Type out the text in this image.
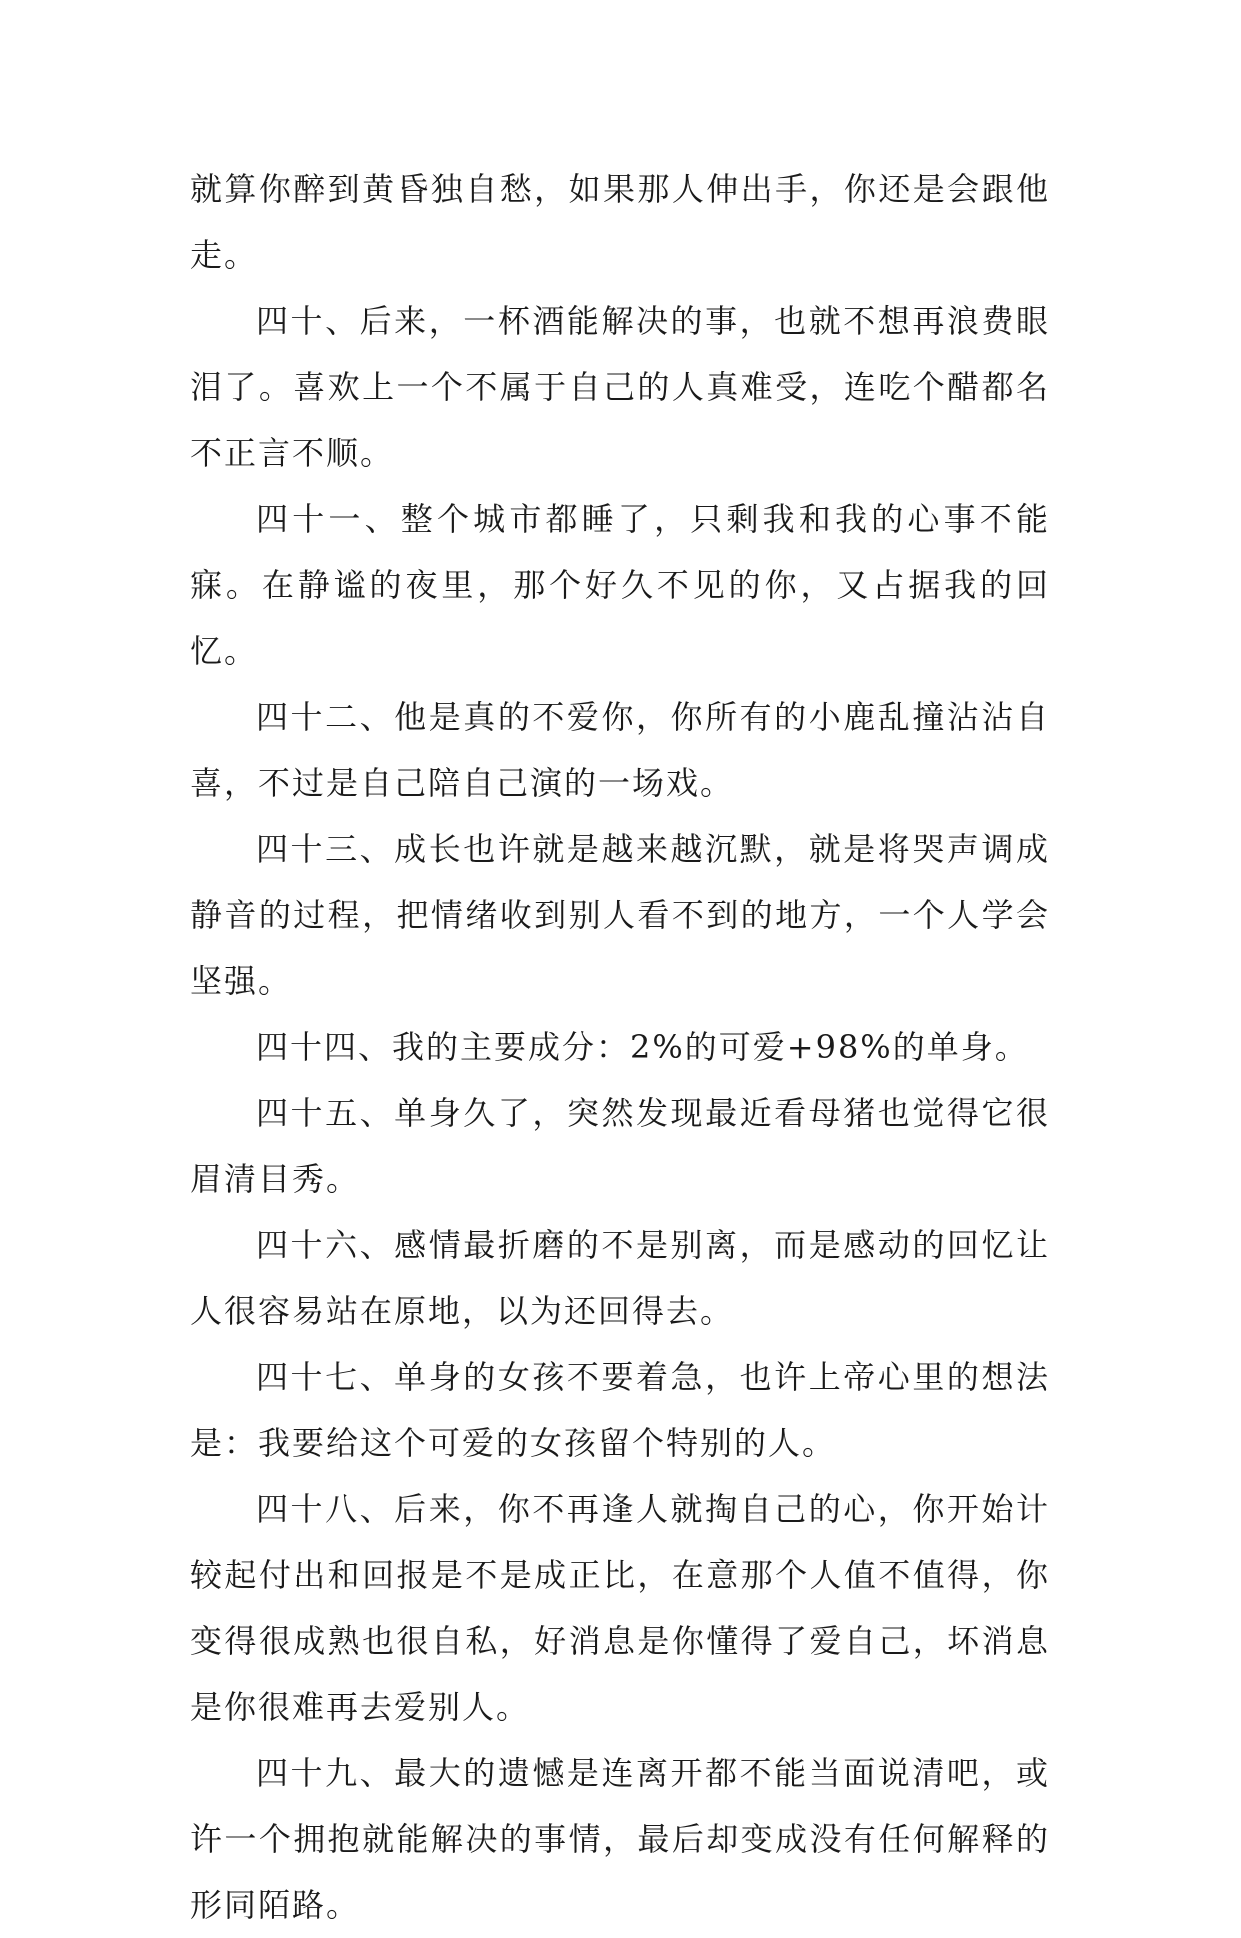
就算你醉到黄昏独自愁，如果那人伸出手，你还是会跟他走。

四十、后来，一杯酒能解决的事，也就不想再浪费眼泪了。喜欢上一个不属于自己的人真难受，连吃个醋都名不正言不顺。

四十一、整个城市都睡了，只剩我和我的心事不能寐。在静谧的夜里，那个好久不见的你，又占据我的回忆。

四十二、他是真的不爱你，你所有的小鹿乱撞沾沾自喜，不过是自己陪自己演的一场戏。

四十三、成长也许就是越来越沉默，就是将哭声调成静音的过程，把情绪收到别人看不到的地方，一个人学会坚强。

四十四、我的主要成分：2%的可爱+98%的单身。

四十五、单身久了，突然发现最近看母猪也觉得它很眉清目秀。

四十六、感情最折磨的不是别离，而是感动的回忆让人很容易站在原地，以为还回得去。

四十七、单身的女孩不要着急，也许上帝心里的想法是：我要给这个可爱的女孩留个特别的人。

四十八、后来，你不再逢人就掏自己的心，你开始计较起付出和回报是不是成正比，在意那个人值不值得，你变得很成熟也很自私，好消息是你懂得了爱自己，坏消息是你很难再去爱别人。

四十九、最大的遗憾是连离开都不能当面说清吧，或许一个拥抱就能解决的事情，最后却变成没有任何解释的形同陌路。
